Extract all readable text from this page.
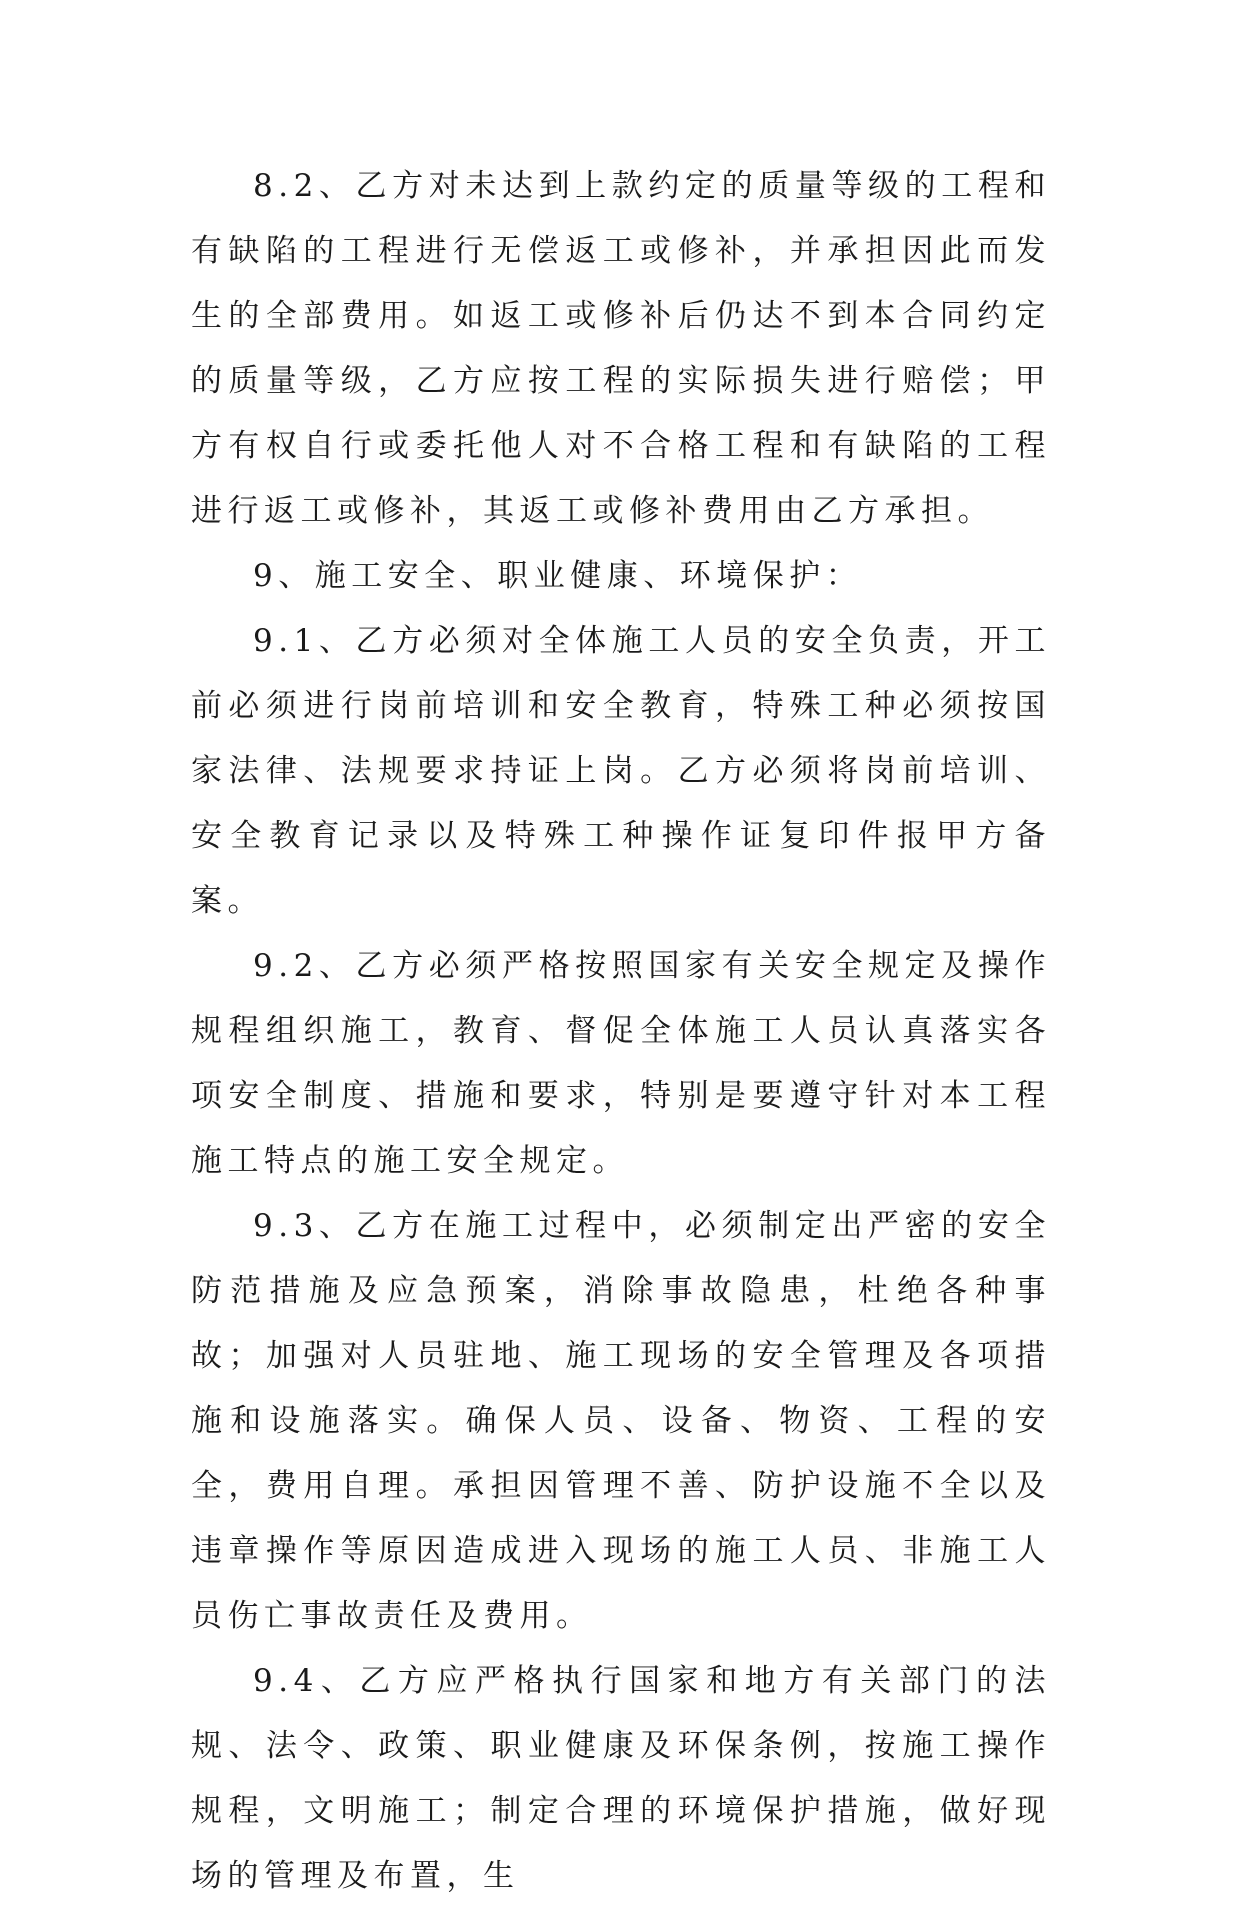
8.2、乙方对未达到上款约定的质量等级的工程和有缺陷的工程进行无偿返工或修补，并承担因此而发生的全部费用。如返工或修补后仍达不到本合同约定的质量等级，乙方应按工程的实际损失进行赔偿；甲方有权自行或委托他人对不合格工程和有缺陷的工程进行返工或修补，其返工或修补费用由乙方承担。

9、施工安全、职业健康、环境保护：

9.1、乙方必须对全体施工人员的安全负责，开工前必须进行岗前培训和安全教育，特殊工种必须按国家法律、法规要求持证上岗。乙方必须将岗前培训、安全教育记录以及特殊工种操作证复印件报甲方备案。

9.2、乙方必须严格按照国家有关安全规定及操作规程组织施工，教育、督促全体施工人员认真落实各项安全制度、措施和要求，特别是要遵守针对本工程施工特点的施工安全规定。

9.3、乙方在施工过程中，必须制定出严密的安全防范措施及应急预案，消除事故隐患，杜绝各种事故；加强对人员驻地、施工现场的安全管理及各项措施和设施落实。确保人员、设备、物资、工程的安全，费用自理。承担因管理不善、防护设施不全以及违章操作等原因造成进入现场的施工人员、非施工人员伤亡事故责任及费用。

9.4、乙方应严格执行国家和地方有关部门的法规、法令、政策、职业健康及环保条例，按施工操作规程，文明施工；制定合理的环境保护措施，做好现场的管理及布置，生
